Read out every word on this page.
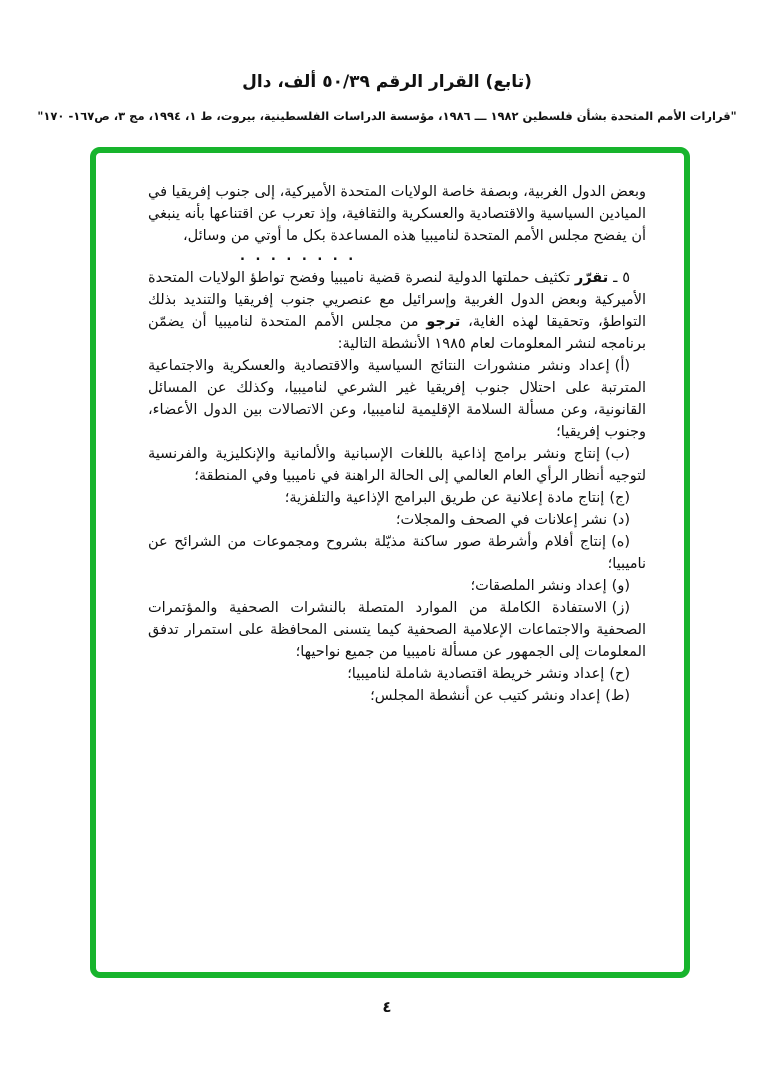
(تابع) القرار الرقم ٥٠/٣٩ ألف، دال
"قرارات الأمم المتحدة بشأن فلسطين ١٩٨٢ ـــ ١٩٨٦، مؤسسة الدراسات الفلسطينية، بيروت، ط ١، ١٩٩٤، مج ٣، ص١٦٧- ١٧٠"

وبعض الدول الغربية، وبصفة خاصة الولايات المتحدة الأميركية، إلى جنوب إفريقيا في الميادين السياسية والاقتصادية والعسكرية والثقافية، وإذ تعرب عن اقتناعها بأنه ينبغي أن يفضح مجلس الأمم المتحدة لناميبيا هذه المساعدة بكل ما أوتي من وسائل،

. . . . . . . .

٥ ـ تقرّر تكثيف حملتها الدولية لنصرة قضية ناميبيا وفضح تواطؤ الولايات المتحدة الأميركية وبعض الدول الغربية وإسرائيل مع عنصريي جنوب إفريقيا والتنديد بذلك التواطؤ، وتحقيقا لهذه الغاية، ترجو من مجلس الأمم المتحدة لناميبيا أن يضمّن برنامجه لنشر المعلومات لعام ١٩٨٥ الأنشطة التالية:

(أ)إعداد ونشر منشورات النتائج السياسية والاقتصادية والعسكرية والاجتماعية المترتبة على احتلال جنوب إفريقيا غير الشرعي لناميبيا، وكذلك عن المسائل القانونية، وعن مسألة السلامة الإقليمية لناميبيا، وعن الاتصالات بين الدول الأعضاء، وجنوب إفريقيا؛

(ب)إنتاج ونشر برامج إذاعية باللغات الإسبانية والألمانية والإنكليزية والفرنسية لتوجيه أنظار الرأي العام العالمي إلى الحالة الراهنة في ناميبيا وفي المنطقة؛

(ج)إنتاج مادة إعلانية عن طريق البرامج الإذاعية والتلفزية؛

(د)نشر إعلانات في الصحف والمجلات؛

(ه)إنتاج أفلام وأشرطة صور ساكنة مذيّلة بشروح ومجموعات من الشرائح عن ناميبيا؛

(و)إعداد ونشر الملصقات؛

(ز)الاستفادة الكاملة من الموارد المتصلة بالنشرات الصحفية والمؤتمرات الصحفية والاجتماعات الإعلامية الصحفية كيما يتسنى المحافظة على استمرار تدفق المعلومات إلى الجمهور عن مسألة ناميبيا من جميع نواحيها؛

(ح)إعداد ونشر خريطة اقتصادية شاملة لناميبيا؛

(ط)إعداد ونشر كتيب عن أنشطة المجلس؛

٤
